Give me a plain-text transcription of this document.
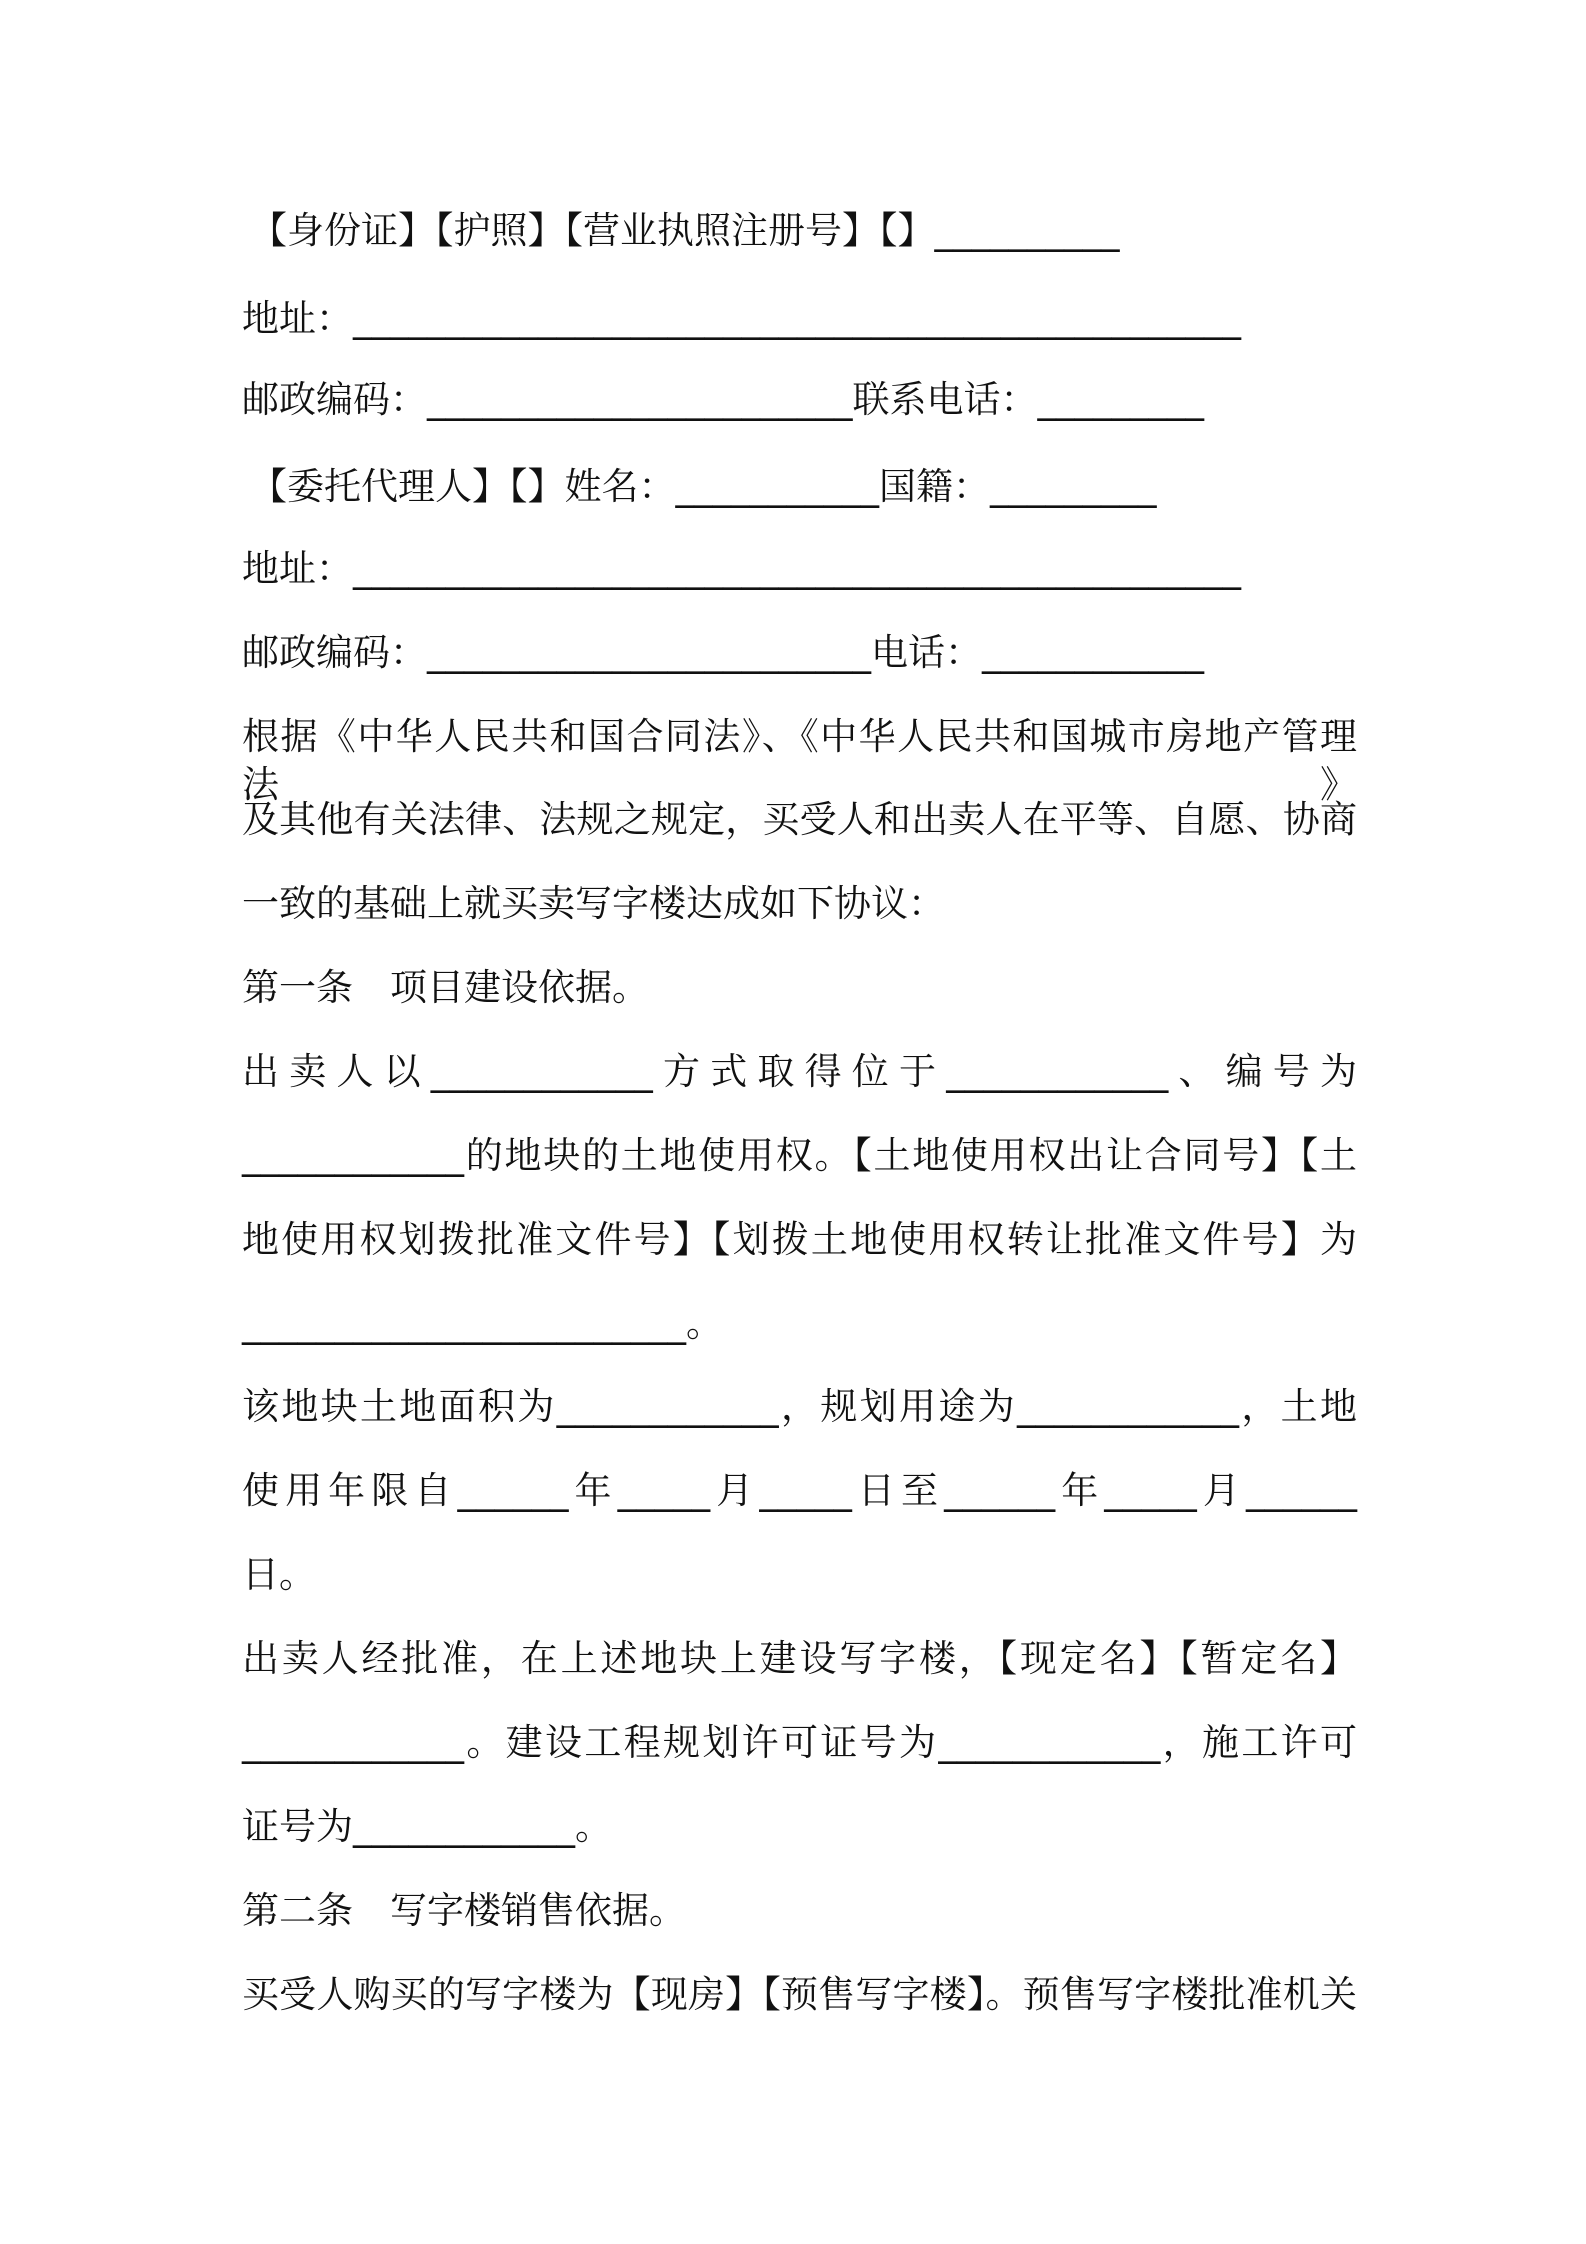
【身份证】【护照】【营业执照注册号】【】__________
地址：________________________________________________
邮政编码：_______________________联系电话：_________
【委托代理人】【】姓名：___________国籍：_________
地址：________________________________________________
邮政编码：________________________电话：____________
根据《中华人民共和国合同法》、《中华人民共和国城市房地产管理法》
及其他有关法律、法规之规定，买受人和出卖人在平等、自愿、协商
一致的基础上就买卖写字楼达成如下协议：
第一条　项目建设依据。
出卖人以____________方式取得位于____________、编号为
____________的地块的土地使用权。【土地使用权出让合同号】【土
地使用权划拨批准文件号】【划拨土地使用权转让批准文件号】为
________________________。
该地块土地面积为____________，规划用途为____________，土地
使用年限自______年_____月_____日至______年_____月______
日。
出卖人经批准，在上述地块上建设写字楼，【现定名】【暂定名】
____________。建设工程规划许可证号为____________，施工许可
证号为____________。
第二条　写字楼销售依据。
买受人购买的写字楼为【现房】【预售写字楼】。预售写字楼批准机关
